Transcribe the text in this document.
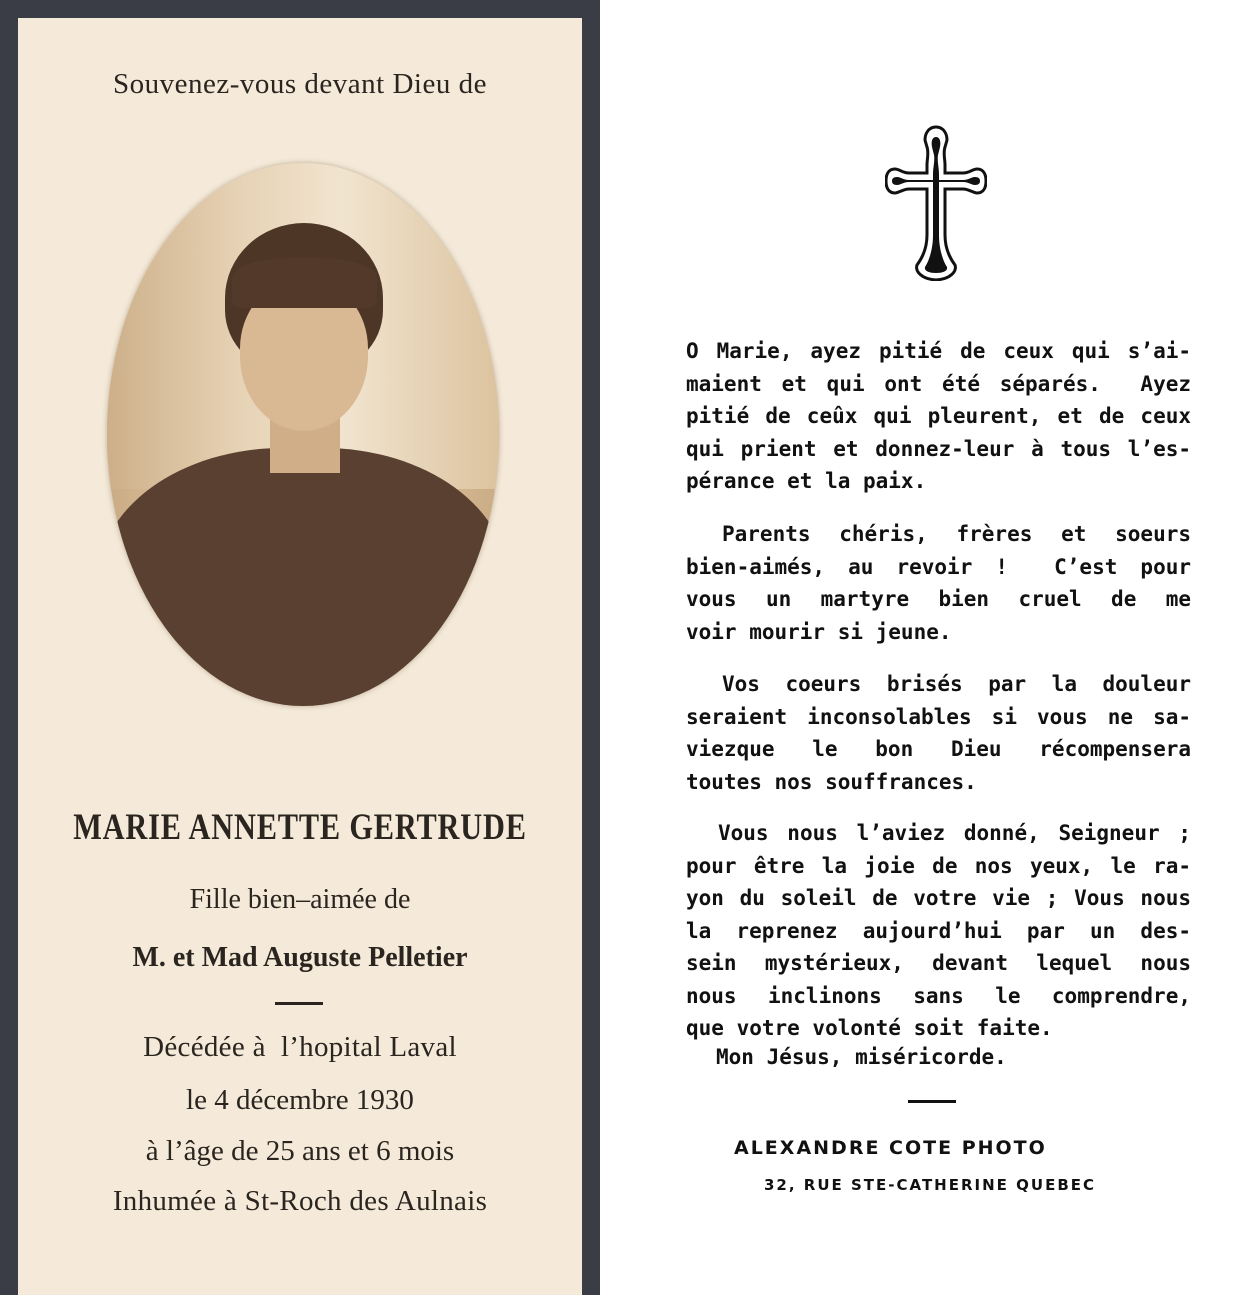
Souvenez-vous devant Dieu de
MARIE ANNETTE GERTRUDE
Fille bien–aimée de
M. et Mad Auguste Pelletier
Décédée à  l’hopital Laval
le 4 décembre 1930
à l’âge de 25 ans et 6 mois
Inhumée à St-Roch des Aulnais
O Marie, ayez pitié de ceux qui s’ai-
maient et qui ont été séparés.  Ayez
pitié de ceûx qui pleurent, et de ceux
qui prient et donnez-leur à tous l’es-
pérance et la paix.
Parents chéris, frères et soeurs
bien-aimés, au revoir !  C’est pour
vous un martyre bien cruel de me
voir mourir si jeune.
Vos coeurs brisés par la douleur
seraient inconsolables si vous ne sa-
viezque le bon Dieu récompensera
toutes nos souffrances.
Vous nous l’aviez donné, Seigneur ;
pour être la joie de nos yeux, le ra-
yon du soleil de votre vie ; Vous nous
la reprenez aujourd’hui par un des-
sein mystérieux, devant lequel nous
nous inclinons sans le comprendre,
que votre volonté soit faite.
Mon Jésus, miséricorde.
ALEXANDRE COTE PHOTO
32, RUE STE-CATHERINE QUEBEC
